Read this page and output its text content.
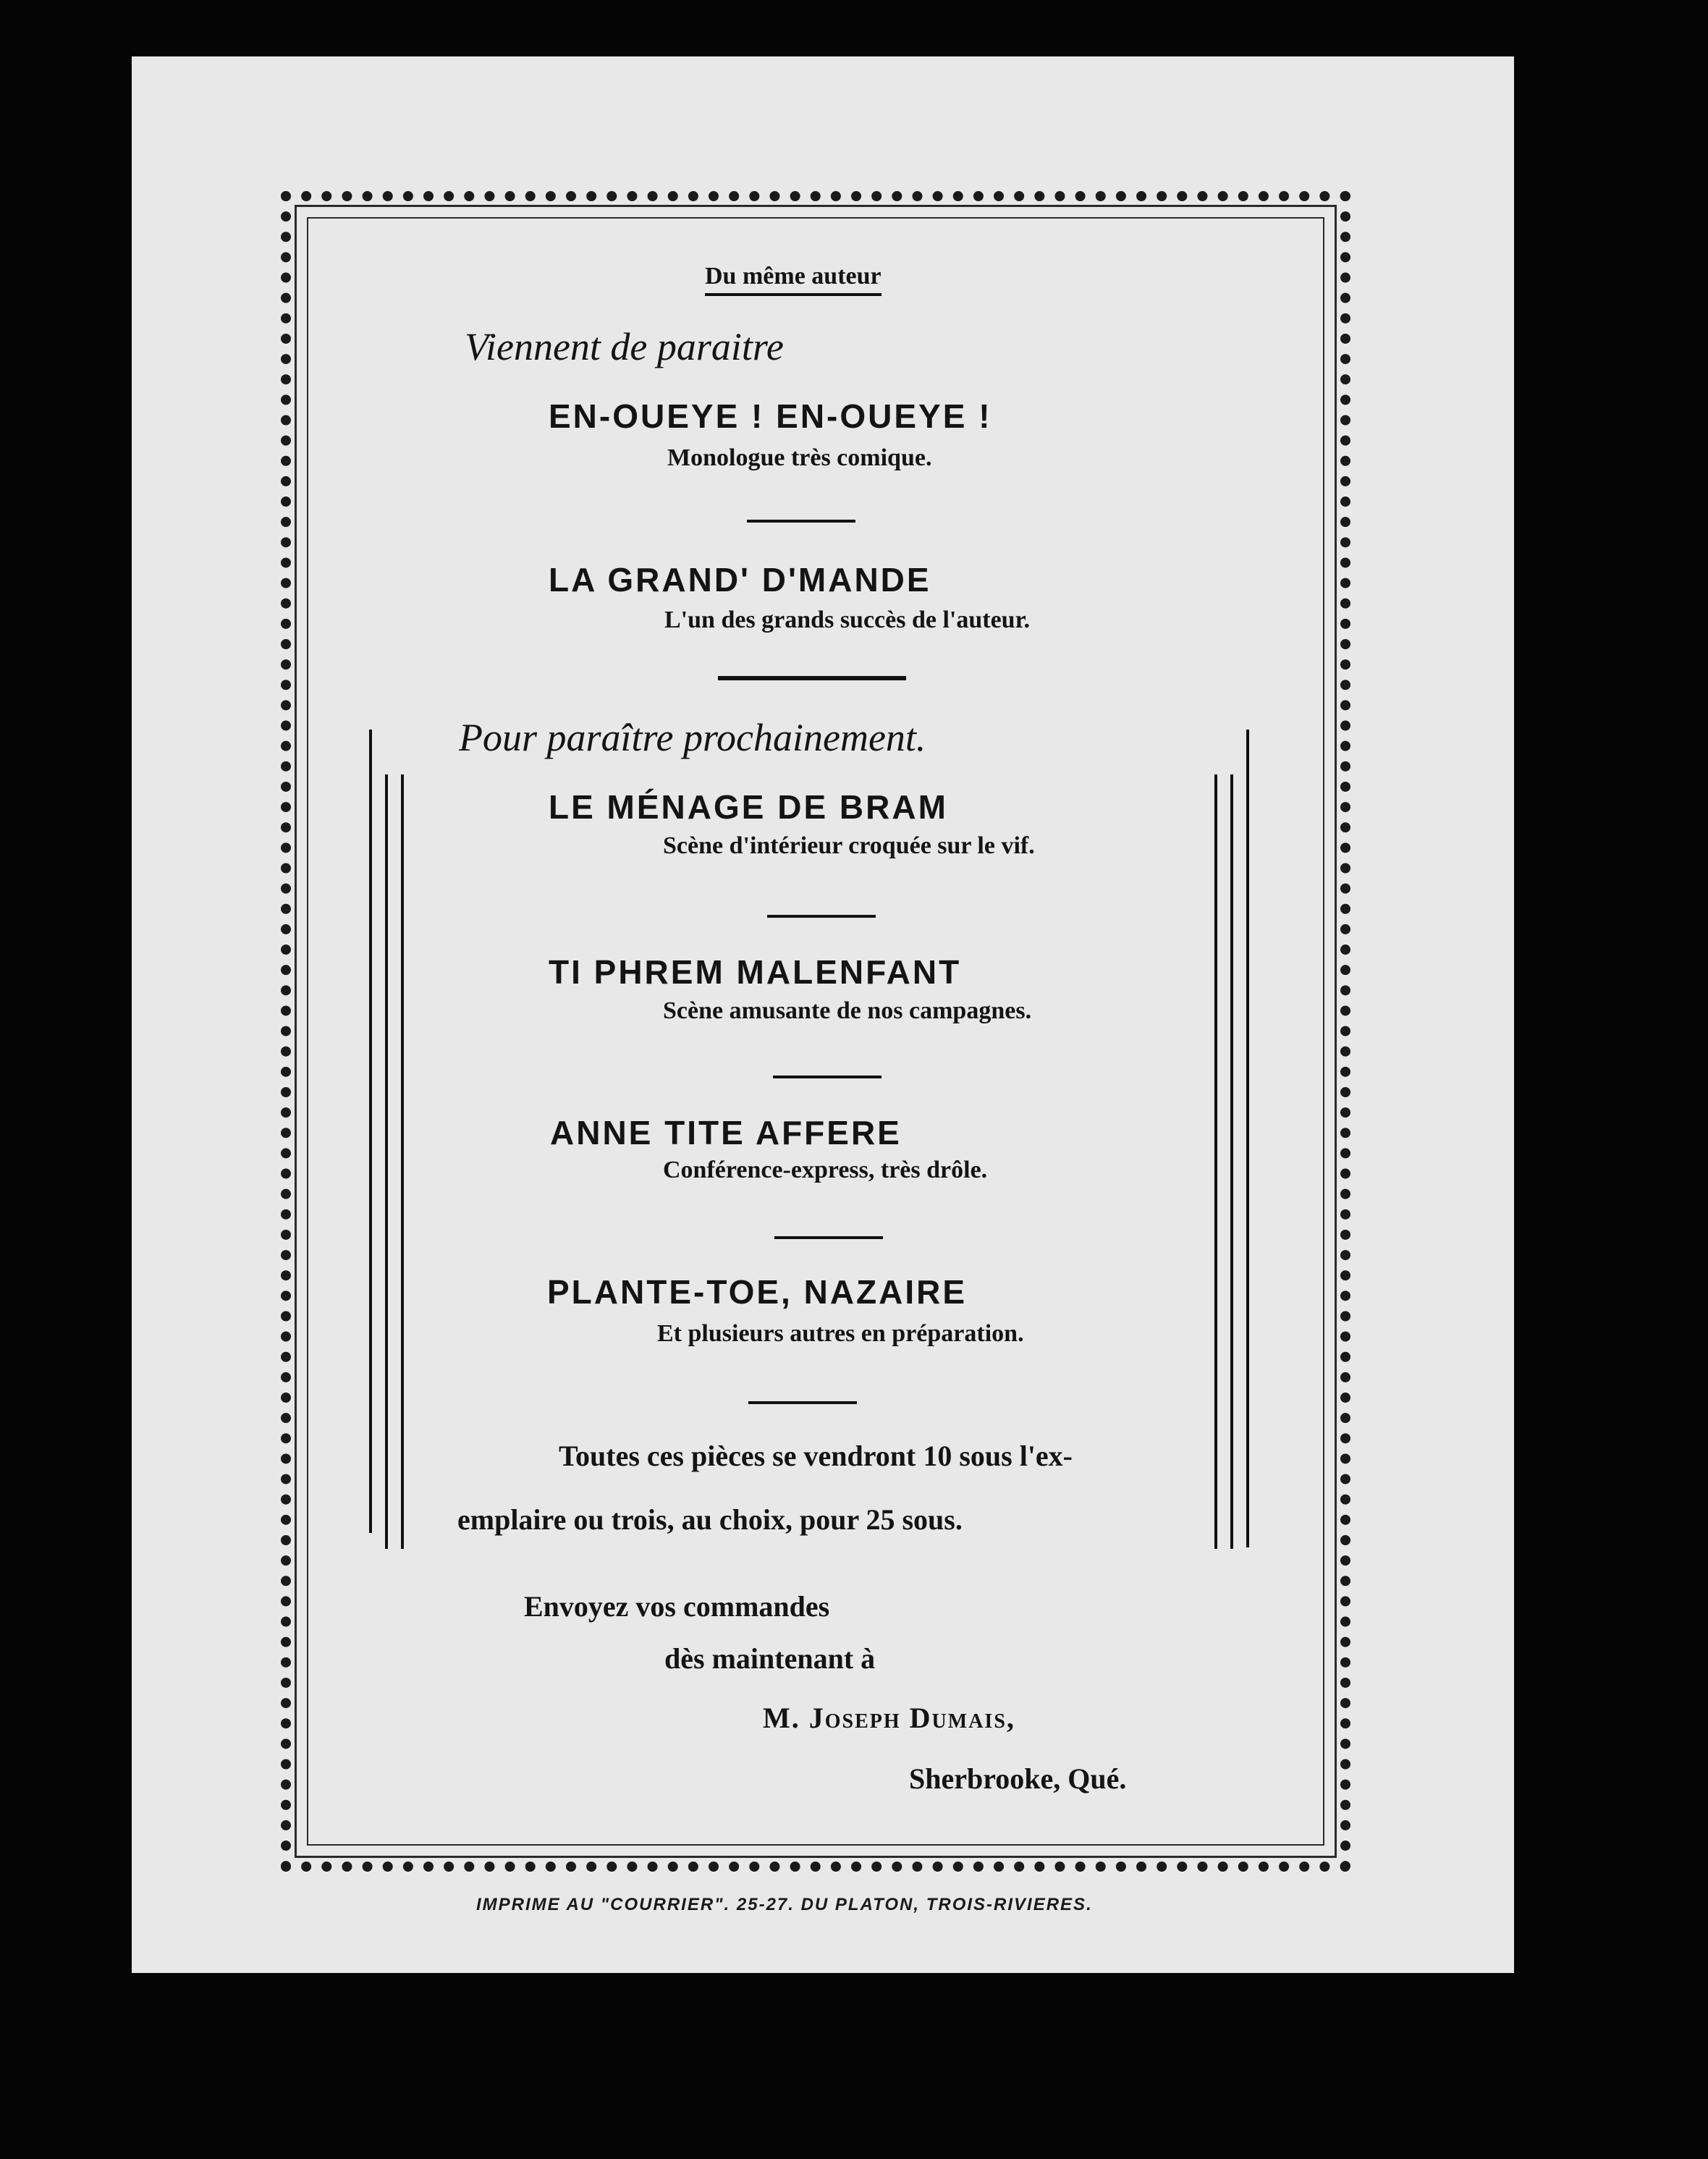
Du même auteur
Viennent de paraitre
EN-OUEYE ! EN-OUEYE !
Monologue très comique.
LA GRAND' D'MANDE
L'un des grands succès de l'auteur.
Pour paraître prochainement.
LE MÉNAGE DE BRAM
Scène d'intérieur croquée sur le vif.
TI PHREM MALENFANT
Scène amusante de nos campagnes.
ANNE TITE AFFERE
Conférence-express, très drôle.
PLANTE-TOE, NAZAIRE
Et plusieurs autres en préparation.
Toutes ces pièces se vendront 10 sous l'ex-
emplaire ou trois, au choix, pour 25 sous.
Envoyez vos commandes
dès maintenant à
M. Joseph Dumais,
Sherbrooke, Qué.
IMPRIME AU "COURRIER". 25-27. DU PLATON, TROIS-RIVIERES.
